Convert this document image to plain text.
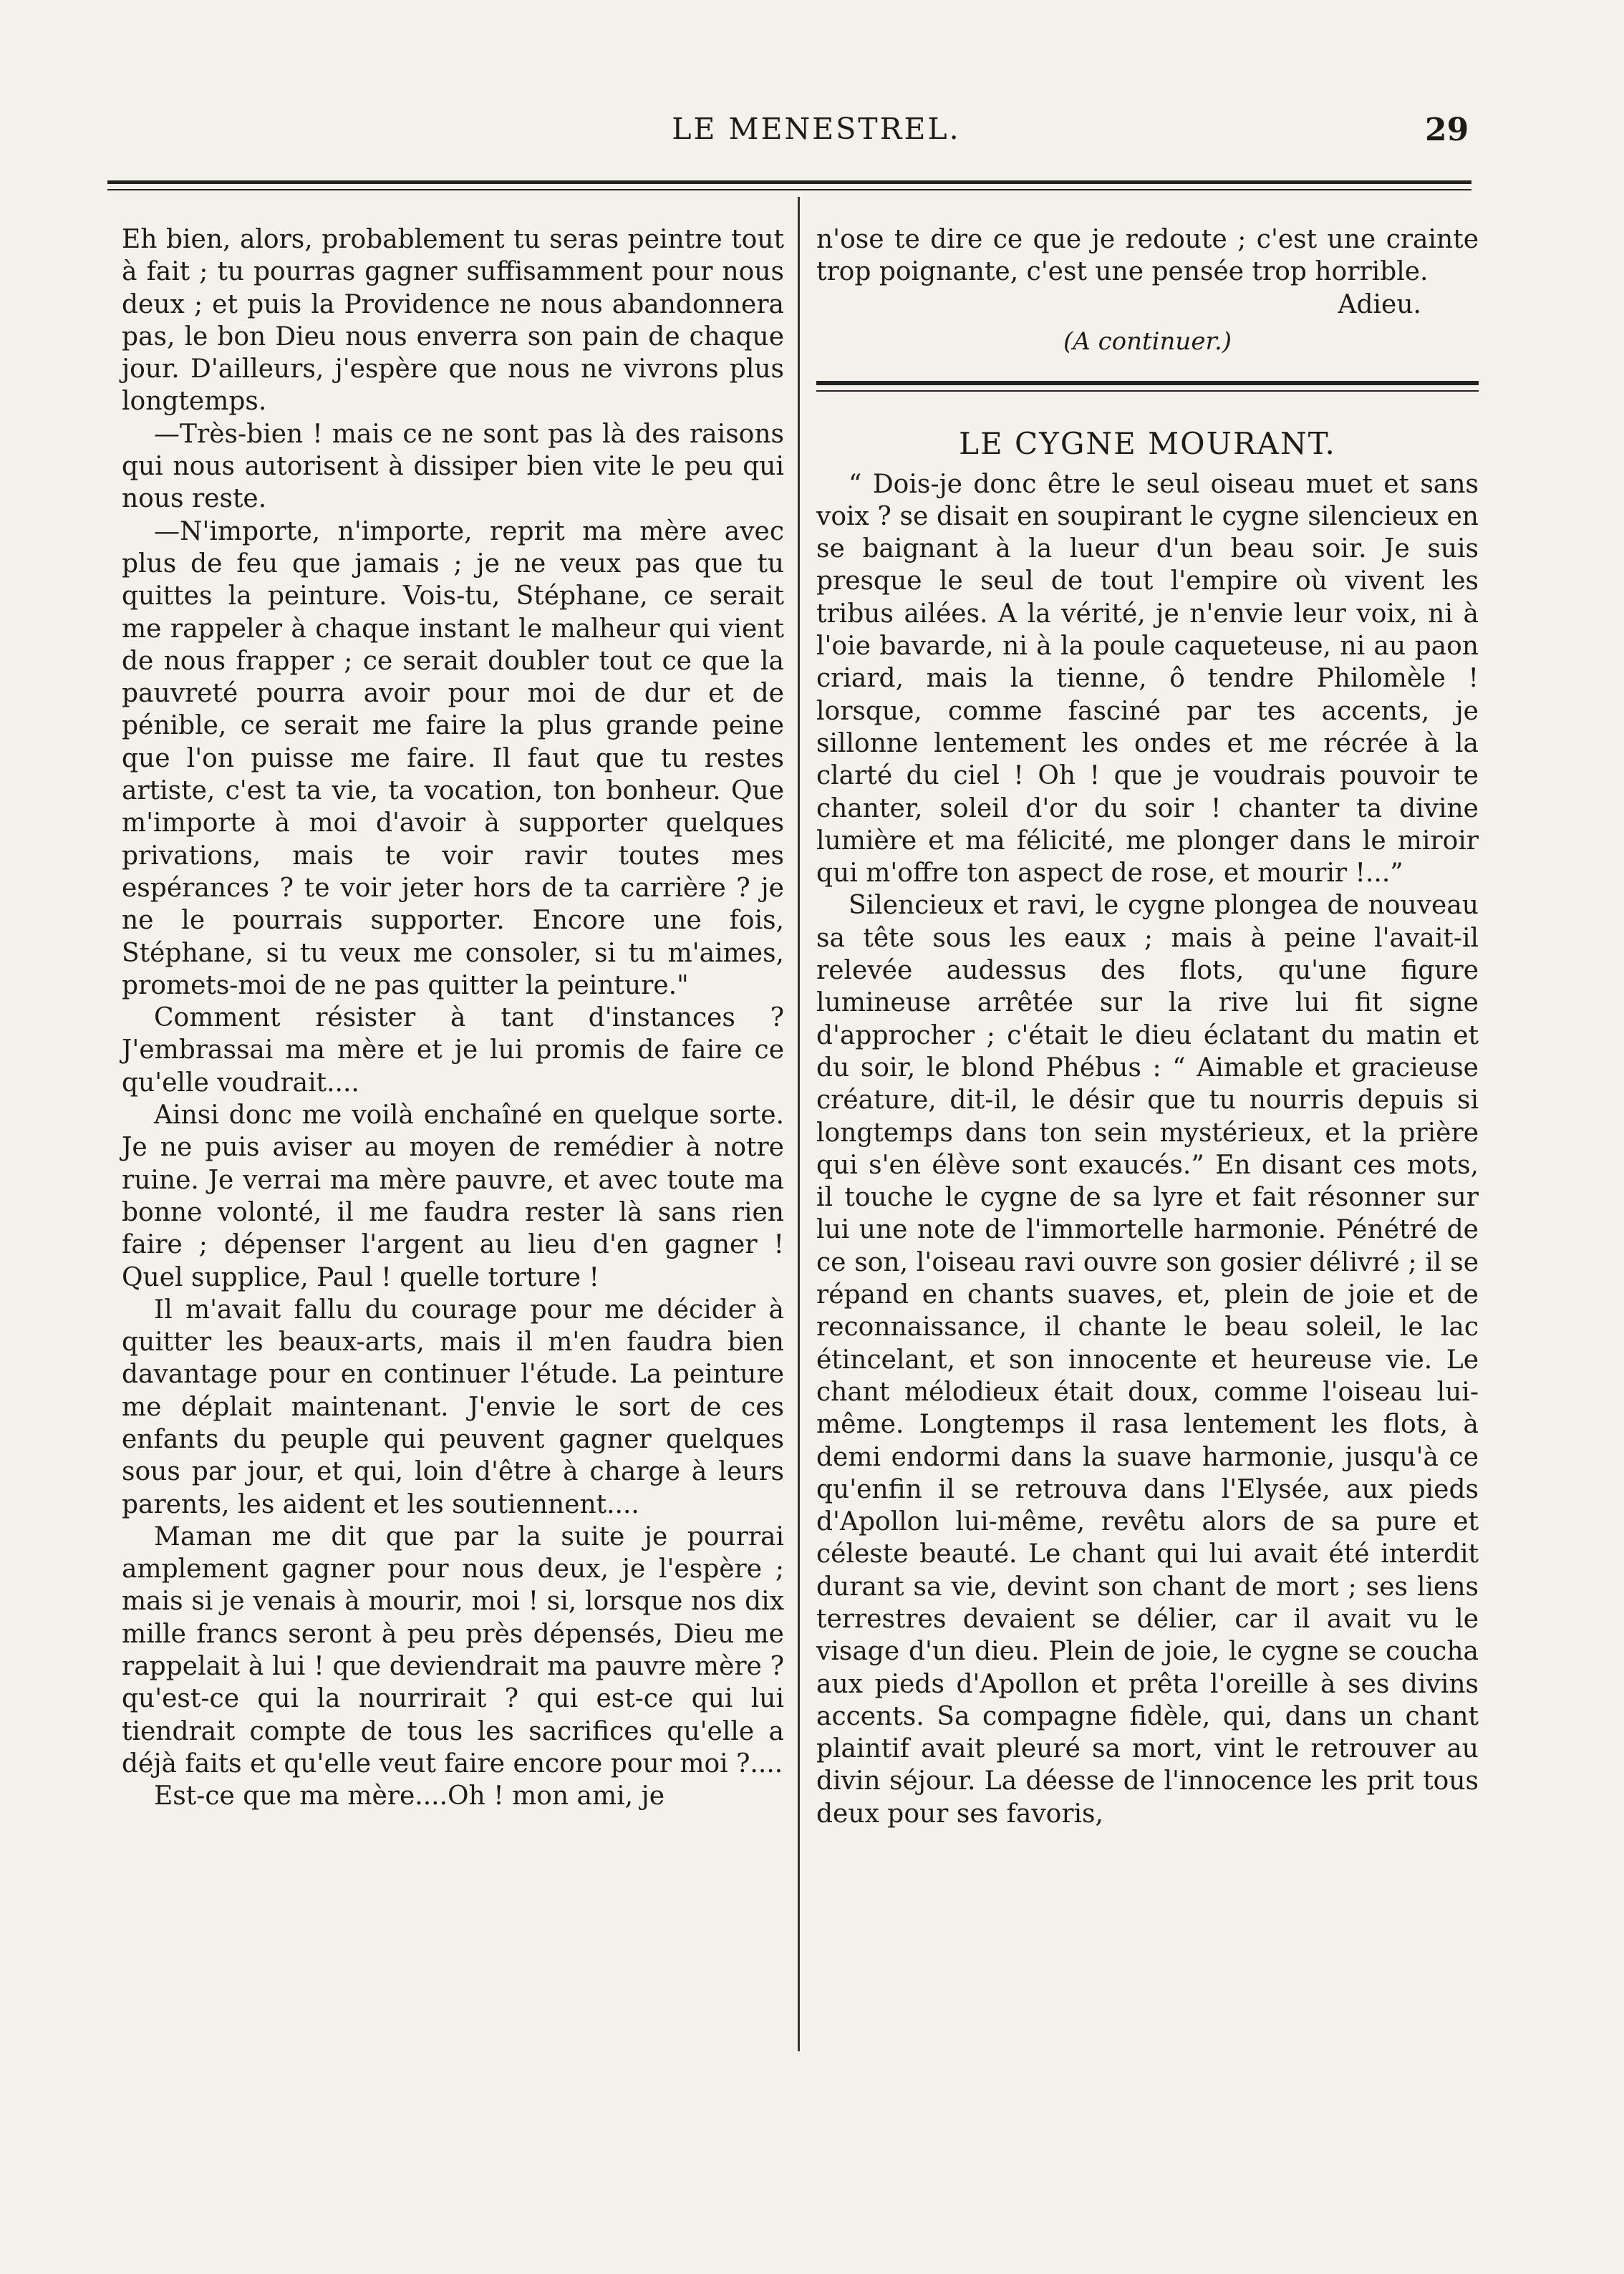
LE MENESTREL.	29

Eh bien, alors, probablement tu seras peintre tout à fait ; tu pourras gagner suffisamment pour nous deux ; et puis la Providence ne nous abandonnera pas, le bon Dieu nous enverra son pain de chaque jour. D'ailleurs, j'espère que nous ne vivrons plus longtemps.

—Très-bien ! mais ce ne sont pas là des raisons qui nous autorisent à dissiper bien vite le peu qui nous reste.

—N'importe, n'importe, reprit ma mère avec plus de feu que jamais ; je ne veux pas que tu quittes la peinture. Vois-tu, Stéphane, ce serait me rappeler à chaque instant le malheur qui vient de nous frapper ; ce serait doubler tout ce que la pauvreté pourra avoir pour moi de dur et de pénible, ce serait me faire la plus grande peine que l'on puisse me faire. Il faut que tu restes artiste, c'est ta vie, ta vocation, ton bonheur. Que m'importe à moi d'avoir à supporter quelques privations, mais te voir ravir toutes mes espérances ? te voir jeter hors de ta carrière ? je ne le pourrais supporter. Encore une fois, Stéphane, si tu veux me consoler, si tu m'aimes, promets-moi de ne pas quitter la peinture."

Comment résister à tant d'instances ? J'embrassai ma mère et je lui promis de faire ce qu'elle voudrait....

Ainsi donc me voilà enchaîné en quelque sorte. Je ne puis aviser au moyen de remédier à notre ruine. Je verrai ma mère pauvre, et avec toute ma bonne volonté, il me faudra rester là sans rien faire ; dépenser l'argent au lieu d'en gagner ! Quel supplice, Paul ! quelle torture !

Il m'avait fallu du courage pour me décider à quitter les beaux-arts, mais il m'en faudra bien davantage pour en continuer l'étude. La peinture me déplait maintenant. J'envie le sort de ces enfants du peuple qui peuvent gagner quelques sous par jour, et qui, loin d'être à charge à leurs parents, les aident et les soutiennent....

Maman me dit que par la suite je pourrai amplement gagner pour nous deux, je l'espère ; mais si je venais à mourir, moi ! si, lorsque nos dix mille francs seront à peu près dépensés, Dieu me rappelait à lui ! que deviendrait ma pauvre mère ? qu'est-ce qui la nourrirait ? qui est-ce qui lui tiendrait compte de tous les sacrifices qu'elle a déjà faits et qu'elle veut faire encore pour moi ?....

Est-ce que ma mère....Oh ! mon ami, je

n'ose te dire ce que je redoute ; c'est une crainte trop poignante, c'est une pensée trop horrible.

Adieu.
(A continuer.)
LE CYGNE MOURANT.

“ Dois-je donc être le seul oiseau muet et sans voix ? se disait en soupirant le cygne silencieux en se baignant à la lueur d'un beau soir. Je suis presque le seul de tout l'empire où vivent les tribus ailées. A la vérité, je n'envie leur voix, ni à l'oie bavarde, ni à la poule caqueteuse, ni au paon criard, mais la tienne, ô tendre Philomèle ! lorsque, comme fasciné par tes accents, je sillonne lentement les ondes et me récrée à la clarté du ciel ! Oh ! que je voudrais pouvoir te chanter, soleil d'or du soir ! chanter ta divine lumière et ma félicité, me plonger dans le miroir qui m'offre ton aspect de rose, et mourir !...”

Silencieux et ravi, le cygne plongea de nouveau sa tête sous les eaux ; mais à peine l'avait-il relevée audessus des flots, qu'une figure lumineuse arrêtée sur la rive lui fit signe d'approcher ; c'était le dieu éclatant du matin et du soir, le blond Phébus : “ Aimable et gracieuse créature, dit-il, le désir que tu nourris depuis si longtemps dans ton sein mystérieux, et la prière qui s'en élève sont exaucés.” En disant ces mots, il touche le cygne de sa lyre et fait résonner sur lui une note de l'immortelle harmonie. Pénétré de ce son, l'oiseau ravi ouvre son gosier délivré ; il se répand en chants suaves, et, plein de joie et de reconnaissance, il chante le beau soleil, le lac étincelant, et son innocente et heureuse vie. Le chant mélodieux était doux, comme l'oiseau lui-même. Longtemps il rasa lentement les flots, à demi endormi dans la suave harmonie, jusqu'à ce qu'enfin il se retrouva dans l'Elysée, aux pieds d'Apollon lui-même, revêtu alors de sa pure et céleste beauté. Le chant qui lui avait été interdit durant sa vie, devint son chant de mort ; ses liens terrestres devaient se délier, car il avait vu le visage d'un dieu. Plein de joie, le cygne se coucha aux pieds d'Apollon et prêta l'oreille à ses divins accents. Sa compagne fidèle, qui, dans un chant plaintif avait pleuré sa mort, vint le retrouver au divin séjour. La déesse de l'innocence les prit tous deux pour ses favoris,
